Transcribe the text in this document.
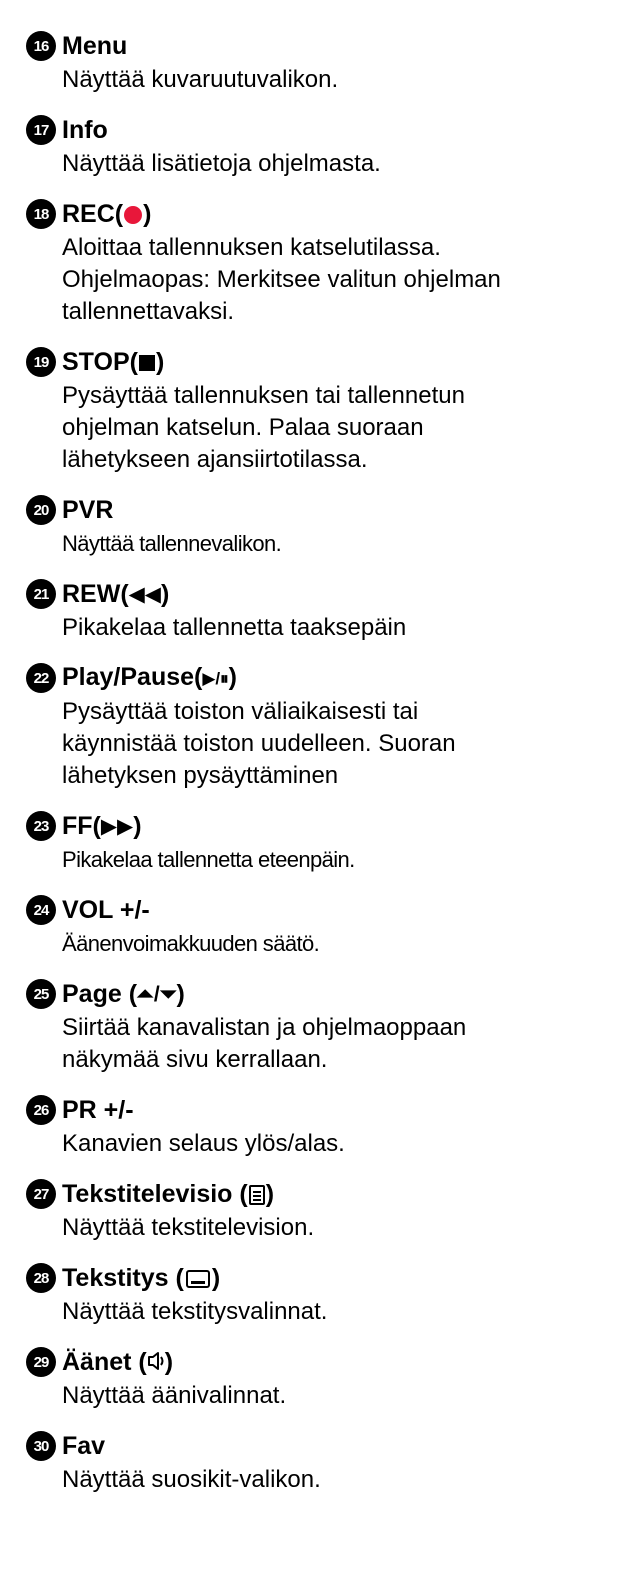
16 Menu
Näyttää kuvaruutuvalikon.
17 Info
Näyttää lisätietoja ohjelmasta.
18 REC( )
Aloittaa tallennuksen katselutilassa.
Ohjelmaopas: Merkitsee valitun ohjelman
tallennettavaksi.
19 STOP( )
Pysäyttää tallennuksen tai tallennetun
ohjelman katselun. Palaa suoraan
lähetykseen ajansiirtotilassa.
20 PVR
Näyttää tallennevalikon.
21 REW(◀◀)
Pikakelaa tallennetta taaksepäin
22 Play/Pause(▶/⏸)
Pysäyttää toiston väliaikaisesti tai
käynnistää toiston uudelleen. Suoran
lähetyksen pysäyttäminen
23 FF(▶▶)
Pikakelaa tallennetta eteenpäin.
24 VOL +/-
Äänenvoimakkuuden säätö.
25 Page (⏶/⏷)
Siirtää kanavalistan ja ohjelmaoppaan
näkymää sivu kerrallaan.
26 PR +/-
Kanavien selaus ylös/alas.
27 Tekstitelevisio ( )
Näyttää tekstitelevision.
28 Tekstitys ( )
Näyttää tekstitysvalinnat.
29 Äänet ( )
Näyttää äänivalinnat.
30 Fav
Näyttää suosikit-valikon.
